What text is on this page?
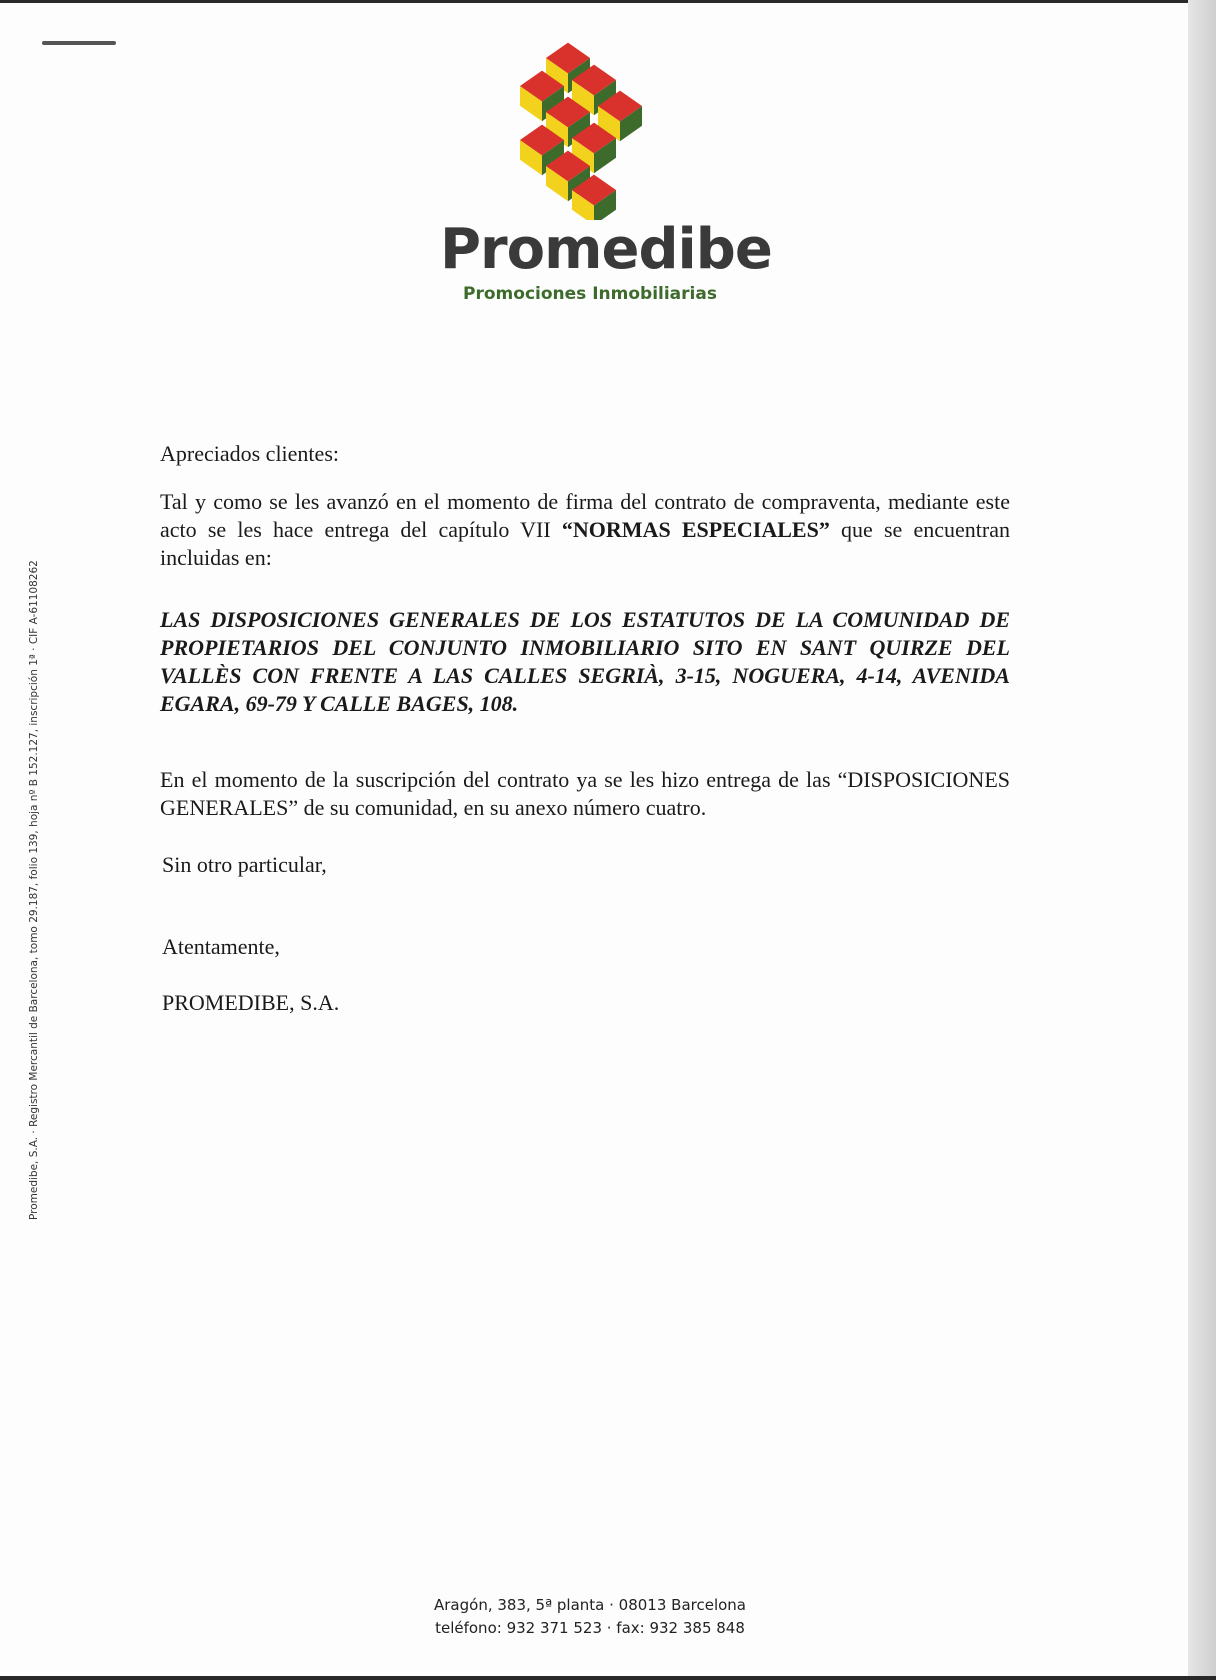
Promedibe
Promociones Inmobiliarias
Promedibe, S.A. · Registro Mercantil de Barcelona, tomo 29.187, folio 139, hoja nº B 152.127, inscripción 1ª · CIF A-61108262

Apreciados clientes:

Tal y como se les avanzó en el momento de firma del contrato de compraventa, mediante este acto se les hace entrega del capítulo VII “NORMAS ESPECIALES” que se encuentran incluidas en:

LAS DISPOSICIONES GENERALES DE LOS ESTATUTOS DE LA COMUNIDAD DE PROPIETARIOS DEL CONJUNTO INMOBILIARIO SITO EN SANT QUIRZE DEL VALLÈS CON FRENTE A LAS CALLES SEGRIÀ, 3-15, NOGUERA, 4-14, AVENIDA EGARA, 69-79 Y CALLE BAGES, 108.

En el momento de la suscripción del contrato ya se les hizo entrega de las “DISPOSICIONES GENERALES” de su comunidad, en su anexo número cuatro.

Sin otro particular,
Atentamente,
PROMEDIBE, S.A.
Aragón, 383, 5ª planta · 08013 Barcelona
teléfono: 932 371 523 · fax: 932 385 848
